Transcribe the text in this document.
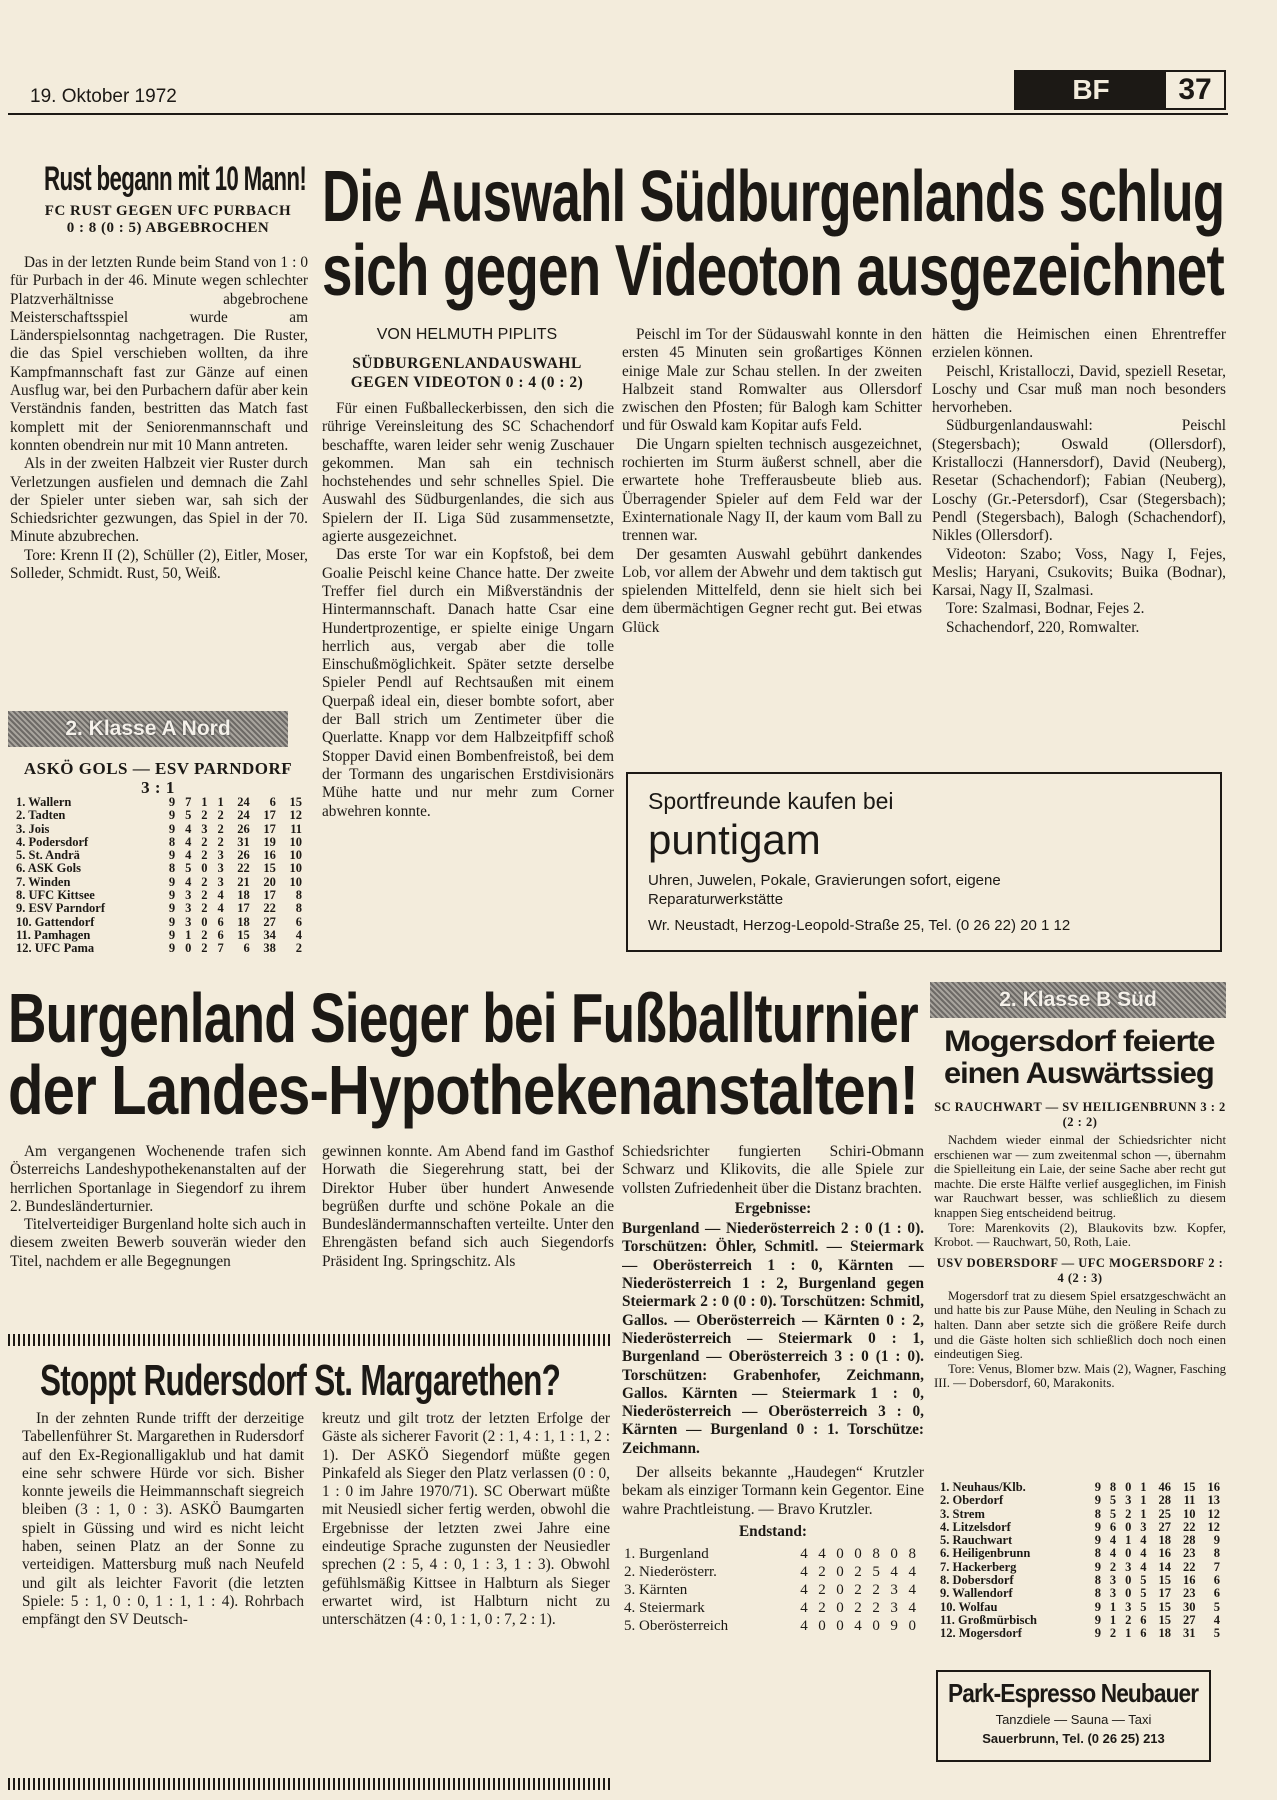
19. Oktober 1972	BF	37
Rust begann mit 10 Mann!
FC RUST GEGEN UFC PURBACH 0 : 8 (0 : 5) ABGEBROCHEN

Das in der letzten Runde beim Stand von 1 : 0 für Purbach in der 46. Minute wegen schlechter Platzverhältnisse abgebrochene Meisterschaftsspiel wurde am Länderspielsonntag nachgetragen. Die Ruster, die das Spiel verschieben wollten, da ihre Kampfmannschaft fast zur Gänze auf einen Ausflug war, bei den Purbachern dafür aber kein Verständnis fanden, bestritten das Match fast komplett mit der Seniorenmannschaft und konnten obendrein nur mit 10 Mann antreten.

Als in der zweiten Halbzeit vier Ruster durch Verletzungen ausfielen und demnach die Zahl der Spieler unter sieben war, sah sich der Schiedsrichter gezwungen, das Spiel in der 70. Minute abzubrechen.

Tore: Krenn II (2), Schüller (2), Eitler, Moser, Solleder, Schmidt. Rust, 50, Weiß.

2. Klasse A Nord
ASKÖ GOLS — ESV PARNDORF
3 : 1
1. Wallern	9	7	1	1	24	6	15
2. Tadten	9	5	2	2	24	17	12
3. Jois	9	4	3	2	26	17	11
4. Podersdorf	8	4	2	2	31	19	10
5. St. Andrä	9	4	2	3	26	16	10
6. ASK Gols	8	5	0	3	22	15	10
7. Winden	9	4	2	3	21	20	10
8. UFC Kittsee	9	3	2	4	18	17	8
9. ESV Parndorf	9	3	2	4	17	22	8
10. Gattendorf	9	3	0	6	18	27	6
11. Pamhagen	9	1	2	6	15	34	4
12. UFC Pama	9	0	2	7	6	38	2
Die Auswahl Südburgenlands schlug
sich gegen Videoton ausgezeichnet
VON HELMUTH PIPLITS
SÜDBURGENLANDAUSWAHL GEGEN VIDEOTON 0 : 4 (0 : 2)

Für einen Fußballeckerbissen, den sich die rührige Vereinsleitung des SC Schachendorf beschaffte, waren leider sehr wenig Zuschauer gekommen. Man sah ein technisch hochstehendes und sehr schnelles Spiel. Die Auswahl des Südburgenlandes, die sich aus Spielern der II. Liga Süd zusammensetzte, agierte ausgezeichnet.

Das erste Tor war ein Kopfstoß, bei dem Goalie Peischl keine Chance hatte. Der zweite Treffer fiel durch ein Mißverständnis der Hintermannschaft. Danach hatte Csar eine Hundertprozentige, er spielte einige Ungarn herrlich aus, vergab aber die tolle Einschußmöglichkeit. Später setzte derselbe Spieler Pendl auf Rechtsaußen mit einem Querpaß ideal ein, dieser bombte sofort, aber der Ball strich um Zentimeter über die Querlatte. Knapp vor dem Halbzeitpfiff schoß Stopper David einen Bombenfreistoß, bei dem der Tormann des ungarischen Erstdivisionärs Mühe hatte und nur mehr zum Corner abwehren konnte.

Peischl im Tor der Südauswahl konnte in den ersten 45 Minuten sein großartiges Können einige Male zur Schau stellen. In der zweiten Halbzeit stand Romwalter aus Ollersdorf zwischen den Pfosten; für Balogh kam Schitter und für Oswald kam Kopitar aufs Feld.

Die Ungarn spielten technisch ausgezeichnet, rochierten im Sturm äußerst schnell, aber die erwartete hohe Trefferausbeute blieb aus. Überragender Spieler auf dem Feld war der Exinternationale Nagy II, der kaum vom Ball zu trennen war.

Der gesamten Auswahl gebührt dankendes Lob, vor allem der Abwehr und dem taktisch gut spielenden Mittelfeld, denn sie hielt sich bei dem übermächtigen Gegner recht gut. Bei etwas Glück

hätten die Heimischen einen Ehrentreffer erzielen können.

Peischl, Kristalloczi, David, speziell Resetar, Loschy und Csar muß man noch besonders hervorheben.

Südburgenlandauswahl: Peischl (Stegersbach); Oswald (Ollersdorf), Kristalloczi (Hannersdorf), David (Neuberg), Resetar (Schachendorf); Fabian (Neuberg), Loschy (Gr.-Petersdorf), Csar (Stegersbach); Pendl (Stegersbach), Balogh (Schachendorf), Nikles (Ollersdorf).

Videoton: Szabo; Voss, Nagy I, Fejes, Meslis; Haryani, Csukovits; Buika (Bodnar), Karsai, Nagy II, Szalmasi.

Tore: Szalmasi, Bodnar, Fejes 2.

Schachendorf, 220, Romwalter.

Sportfreunde kaufen bei
puntigam
Uhren, Juwelen, Pokale, Gravierungen sofort, eigene Reparaturwerkstätte
Wr. Neustadt, Herzog-Leopold-Straße 25, Tel. (0 26 22) 20 1 12
Burgenland Sieger bei Fußballturnier
der Landes-Hypothekenanstalten!

Am vergangenen Wochenende trafen sich Österreichs Landeshypothekenanstalten auf der herrlichen Sportanlage in Siegendorf zu ihrem 2. Bundesländerturnier.

Titelverteidiger Burgenland holte sich auch in diesem zweiten Bewerb souverän wieder den Titel, nachdem er alle Begegnungen

gewinnen konnte. Am Abend fand im Gasthof Horwath die Siegerehrung statt, bei der Direktor Huber über hundert Anwesende begrüßen durfte und schöne Pokale an die Bundesländermannschaften verteilte. Unter den Ehrengästen befand sich auch Siegendorfs Präsident Ing. Springschitz. Als

Schiedsrichter fungierten Schiri-Obmann Schwarz und Klikovits, die alle Spiele zur vollsten Zufriedenheit über die Distanz brachten.

Ergebnisse:

Burgenland — Niederösterreich 2 : 0 (1 : 0). Torschützen: Öhler, Schmitl. — Steiermark — Oberösterreich 1 : 0, Kärnten — Niederösterreich 1 : 2, Burgenland gegen Steiermark 2 : 0 (0 : 0). Torschützen: Schmitl, Gallos. — Oberösterreich — Kärnten 0 : 2, Niederösterreich — Steiermark 0 : 1, Burgenland — Oberösterreich 3 : 0 (1 : 0). Torschützen: Grabenhofer, Zeichmann, Gallos. Kärnten — Steiermark 1 : 0, Niederösterreich — Oberösterreich 3 : 0, Kärnten — Burgenland 0 : 1. Torschütze: Zeichmann.

Der allseits bekannte „Haudegen“ Krutzler bekam als einziger Tormann kein Gegentor. Eine wahre Prachtleistung. — Bravo Krutzler.

Endstand:
1. Burgenland	4	4	0	0	8	0	8
2. Niederösterr.	4	2	0	2	5	4	4
3. Kärnten	4	2	0	2	2	3	4
4. Steiermark	4	2	0	2	2	3	4
5. Oberösterreich	4	0	0	4	0	9	0
Stoppt Rudersdorf St. Margarethen?

In der zehnten Runde trifft der derzeitige Tabellenführer St. Margarethen in Rudersdorf auf den Ex-Regionalligaklub und hat damit eine sehr schwere Hürde vor sich. Bisher konnte jeweils die Heimmannschaft siegreich bleiben (3 : 1, 0 : 3). ASKÖ Baumgarten spielt in Güssing und wird es nicht leicht haben, seinen Platz an der Sonne zu verteidigen. Mattersburg muß nach Neufeld und gilt als leichter Favorit (die letzten Spiele: 5 : 1, 0 : 0, 1 : 1, 1 : 4). Rohrbach empfängt den SV Deutsch-

kreutz und gilt trotz der letzten Erfolge der Gäste als sicherer Favorit (2 : 1, 4 : 1, 1 : 1, 2 : 1). Der ASKÖ Siegendorf müßte gegen Pinkafeld als Sieger den Platz verlassen (0 : 0, 1 : 0 im Jahre 1970/71). SC Oberwart müßte mit Neusiedl sicher fertig werden, obwohl die Ergebnisse der letzten zwei Jahre eine eindeutige Sprache zugunsten der Neusiedler sprechen (2 : 5, 4 : 0, 1 : 3, 1 : 3). Obwohl gefühlsmäßig Kittsee in Halbturn als Sieger erwartet wird, ist Halbturn nicht zu unterschätzen (4 : 0, 1 : 1, 0 : 7, 2 : 1).

2. Klasse B Süd
Mogersdorf feierte
einen Auswärtssieg
SC RAUCHWART — SV HEILIGENBRUNN 3 : 2 (2 : 2)

Nachdem wieder einmal der Schiedsrichter nicht erschienen war — zum zweitenmal schon —, übernahm die Spielleitung ein Laie, der seine Sache aber recht gut machte. Die erste Hälfte verlief ausgeglichen, im Finish war Rauchwart besser, was schließlich zu diesem knappen Sieg entscheidend beitrug.

Tore: Marenkovits (2), Blaukovits bzw. Kopfer, Krobot. — Rauchwart, 50, Roth, Laie.

USV DOBERSDORF — UFC MOGERSDORF 2 : 4 (2 : 3)

Mogersdorf trat zu diesem Spiel ersatzgeschwächt an und hatte bis zur Pause Mühe, den Neuling in Schach zu halten. Dann aber setzte sich die größere Reife durch und die Gäste holten sich schließlich doch noch einen eindeutigen Sieg.

Tore: Venus, Blomer bzw. Mais (2), Wagner, Fasching III. — Dobersdorf, 60, Marakonits.

1. Neuhaus/Klb.	9	8	0	1	46	15	16
2. Oberdorf	9	5	3	1	28	11	13
3. Strem	8	5	2	1	25	10	12
4. Litzelsdorf	9	6	0	3	27	22	12
5. Rauchwart	9	4	1	4	18	28	9
6. Heiligenbrunn	8	4	0	4	16	23	8
7. Hackerberg	9	2	3	4	14	22	7
8. Dobersdorf	8	3	0	5	15	16	6
9. Wallendorf	8	3	0	5	17	23	6
10. Wolfau	9	1	3	5	15	30	5
11. Großmürbisch	9	1	2	6	15	27	4
12. Mogersdorf	9	2	1	6	18	31	5
Park-Espresso Neubauer
Tanzdiele — Sauna — Taxi
Sauerbrunn, Tel. (0 26 25) 213
